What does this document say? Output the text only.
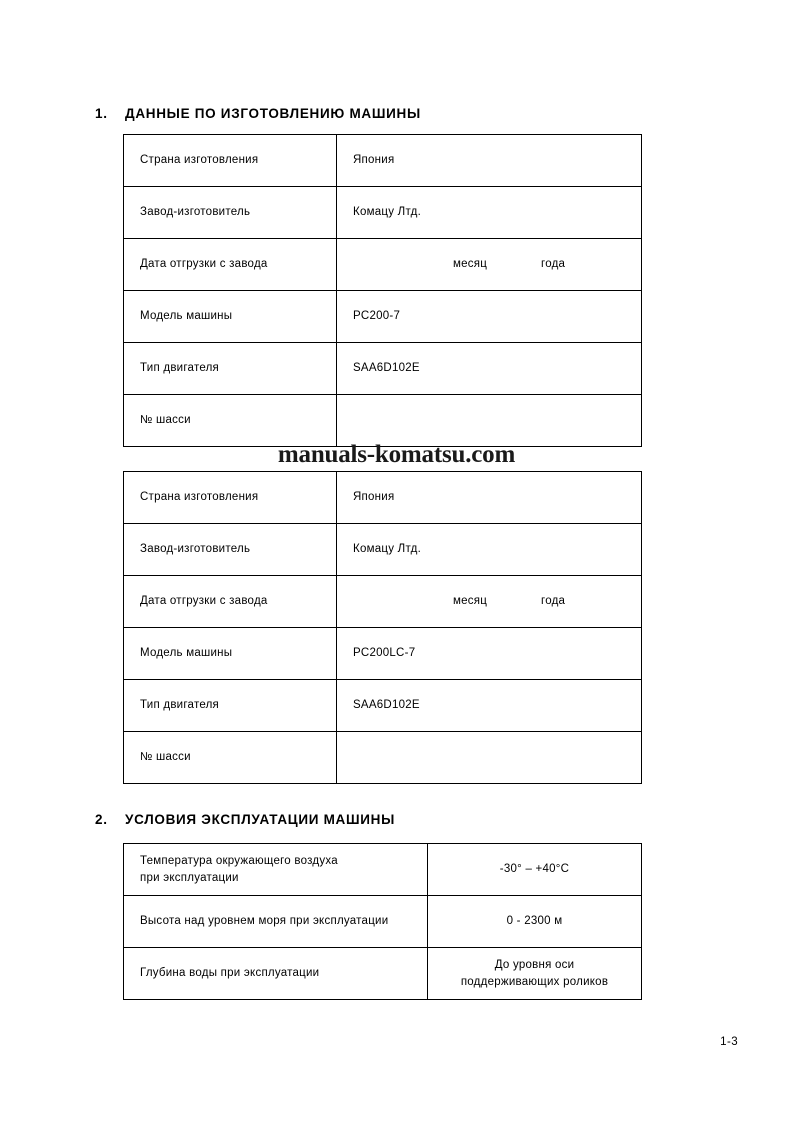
1.	ДАННЫЕ ПО ИЗГОТОВЛЕНИЮ МАШИНЫ
Страна изготовления	Япония
Завод-изготовитель	Комацу Лтд.
Дата отгрузки с завода	месяц года

Модель машины	PC200-7
Тип двигателя	SAA6D102E
№ шасси	
manuals-komatsu.com
Страна изготовления	Япония
Завод-изготовитель	Комацу Лтд.
Дата отгрузки с завода	месяц года

Модель машины	PC200LC-7
Тип двигателя	SAA6D102E
№ шасси	
2.	УСЛОВИЯ ЭКСПЛУАТАЦИИ МАШИНЫ
Температура окружающего воздуха
при эксплуатации	-30° – +40°C

Высота над уровнем моря при эксплуатации	0 - 2300 м

Глубина воды при эксплуатации	До уровня оси
поддерживающих роликов
1-3
